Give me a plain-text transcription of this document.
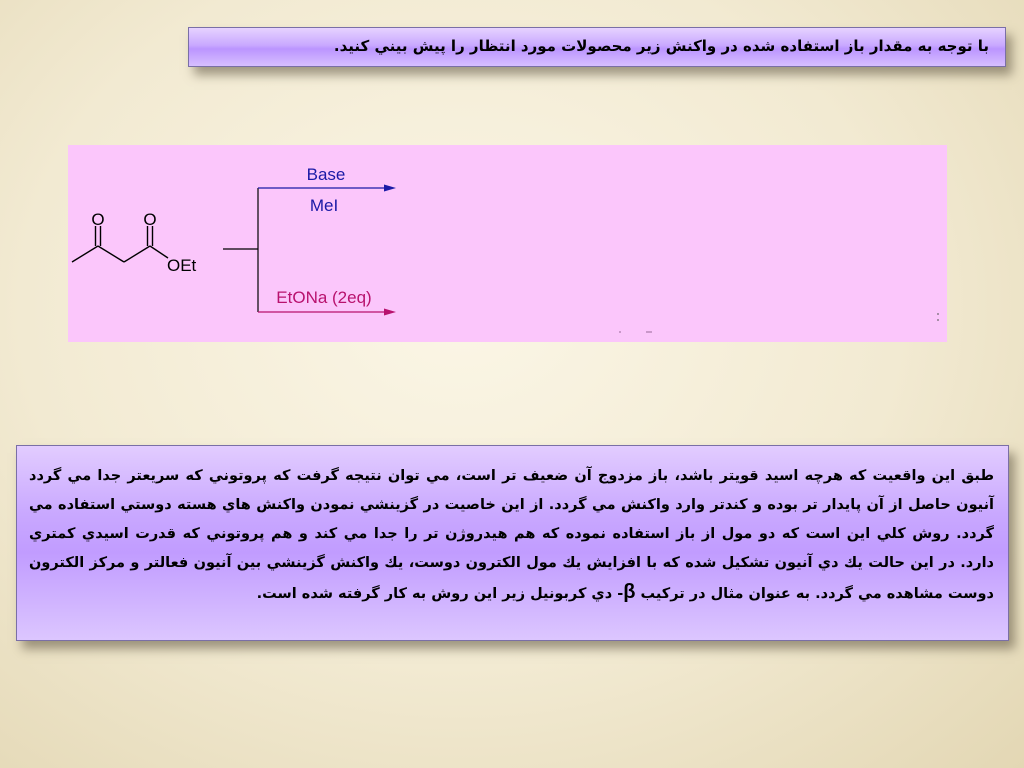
با توجه به مقدار باز استفاده شده در واکنش زیر محصولات مورد انتظار را پیش بيني کنید.
O O
OEt
Base
MeI
EtONa (2eq)
طبق این واقعیت که هرچه اسید قویتر باشد، باز مزدوج آن ضعیف تر است، مي توان نتیجه گرفت که پروتوني که سریعتر جدا مي گردد آنیون حاصل از آن پایدار تر بوده و کندتر وارد واکنش مي گردد. از این خاصیت در گزینشي نمودن واکنش هاي هسته دوستي استفاده مي گردد. روش کلي این است که دو مول از باز استفاده نموده که هم هیدروژن تر را جدا مي کند و هم پروتوني که قدرت اسیدي کمتري دارد. در این حالت یك دي آنیون تشکیل شده که با افزایش یك مول الکترون دوست، یك واکنش گزینشي بین آنیون فعالتر و مرکز الکترون دوست مشاهده مي گردد. به عنوان مثال در ترکیب β- دي کربونیل زیر این روش به کار گرفته شده است.
